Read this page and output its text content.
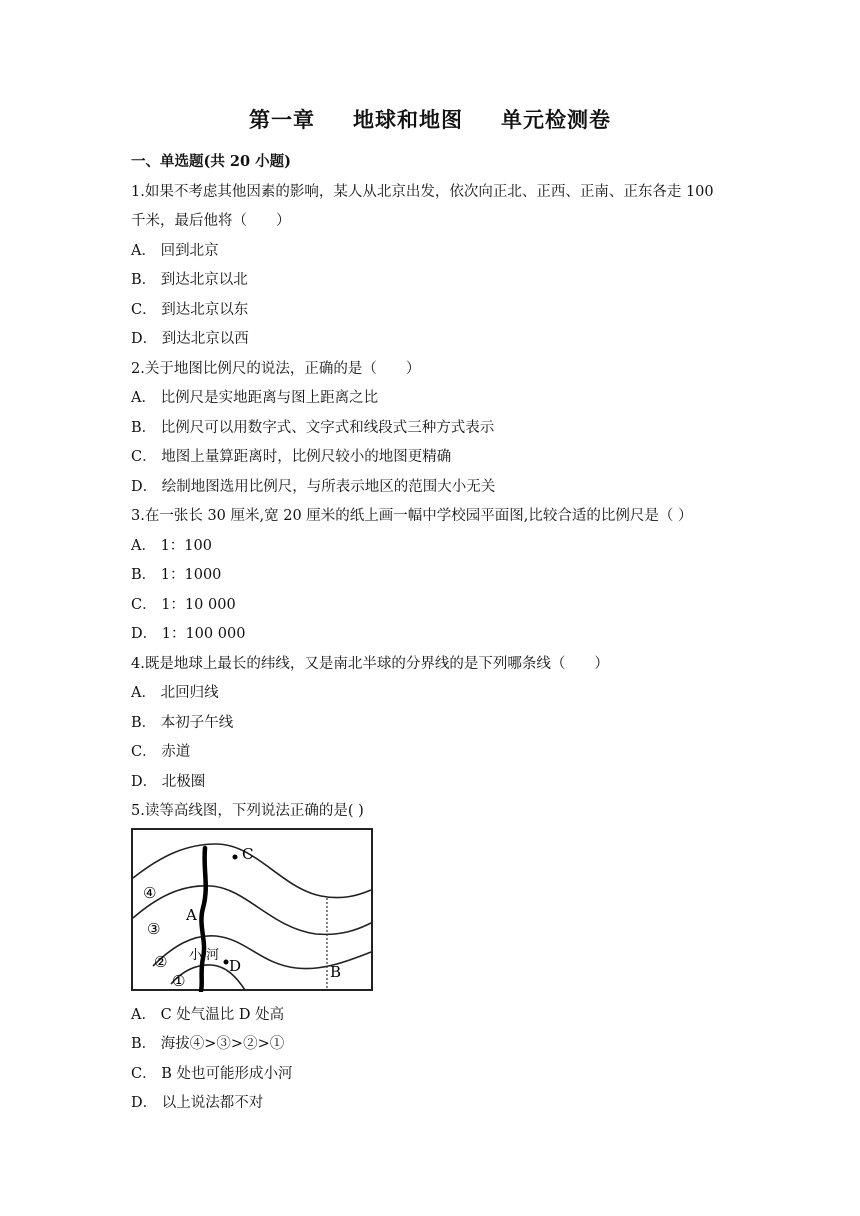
第一章 地球和地图 单元检测卷
一、单选题(共 20 小题)
1.如果不考虑其他因素的影响，某人从北京出发，依次向正北、正西、正南、正东各走 100
千米，最后他将（　　）
A． 回到北京
B． 到达北京以北
C． 到达北京以东
D． 到达北京以西
2.关于地图比例尺的说法，正确的是（　　）
A． 比例尺是实地距离与图上距离之比
B． 比例尺可以用数字式、文字式和线段式三种方式表示
C． 地图上量算距离时，比例尺较小的地图更精确
D． 绘制地图选用比例尺，与所表示地区的范围大小无关
3.在一张长 30 厘米,宽 20 厘米的纸上画一幅中学校园平面图,比较合适的比例尺是（ ）
A． 1：100
B． 1：1000
C． 1：10 000
D． 1：100 000
4.既是地球上最长的纬线，又是南北半球的分界线的是下列哪条线（　　）
A． 北回归线
B． 本初子午线
C． 赤道
D． 北极圈
5.读等高线图，下列说法正确的是( )
C
A
D	B
小 河
④
③
②
①
A． C 处气温比 D 处高
B． 海拔④>③>②>①
C． B 处也可能形成小河
D． 以上说法都不对
